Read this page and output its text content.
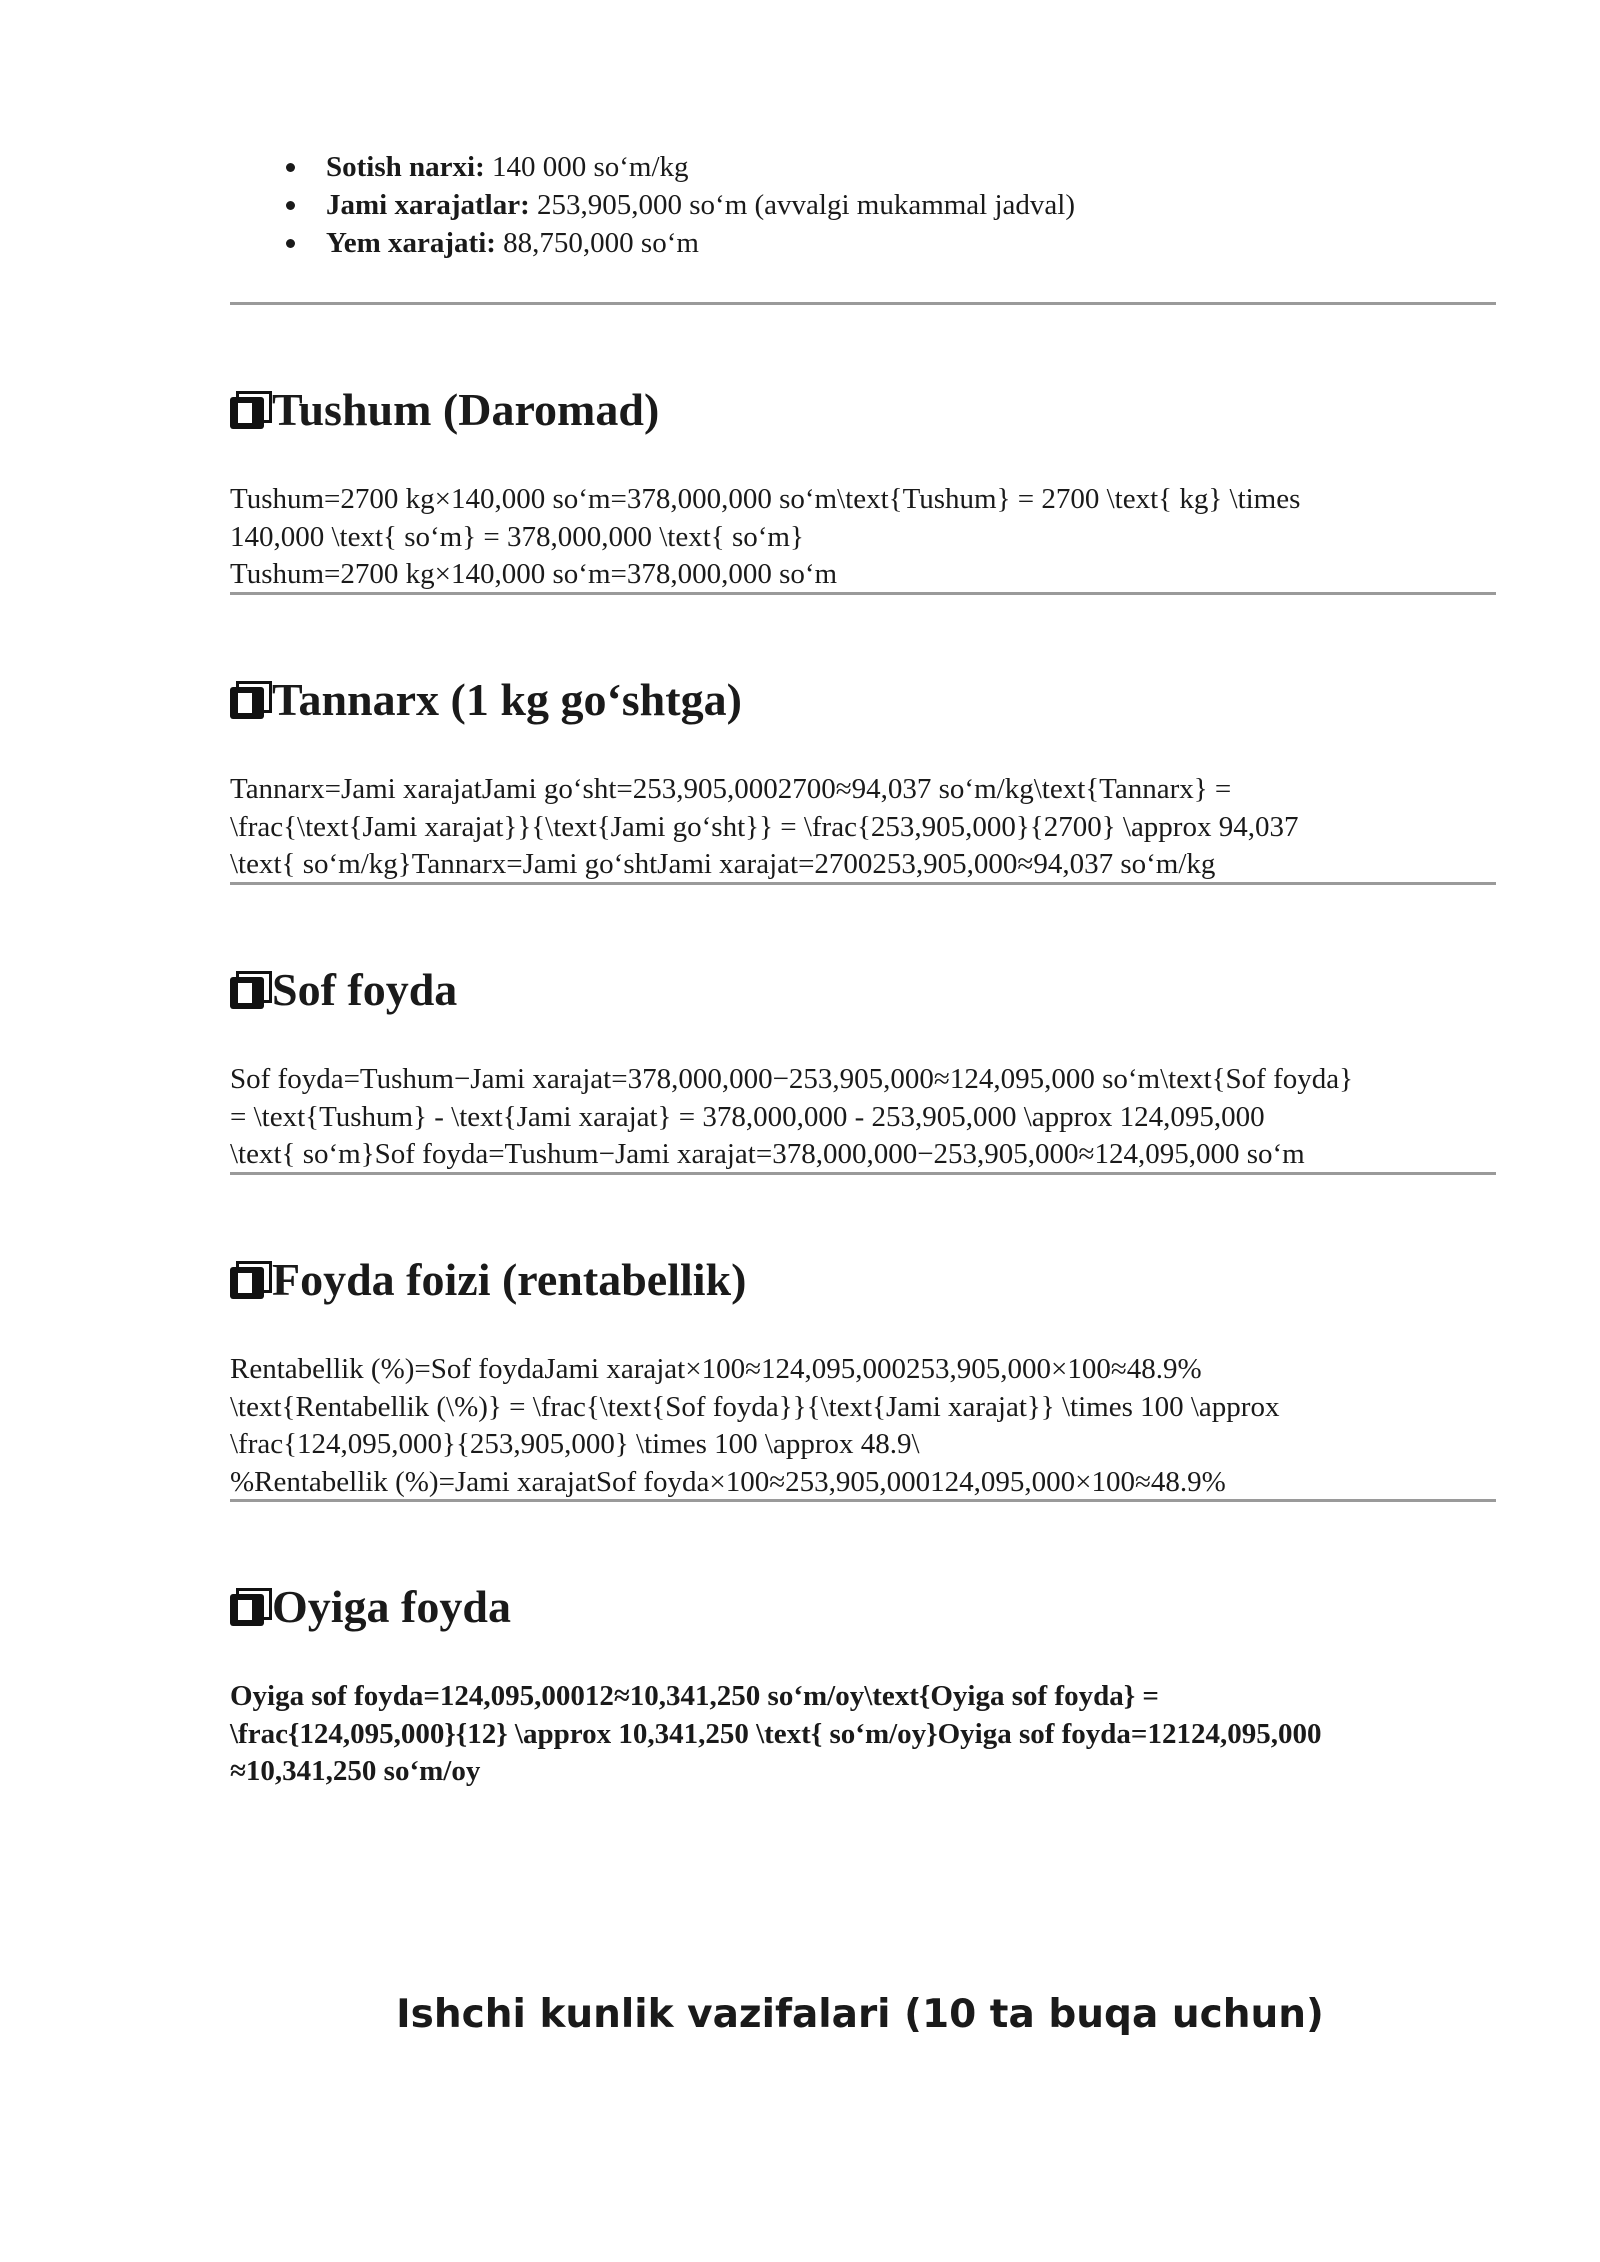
Sotish narxi: 140 000 so‘m/kg
Jami xarajatlar: 253,905,000 so‘m (avvalgi mukammal jadval)
Yem xarajati: 88,750,000 so‘m
Tushum (Daromad)
Tushum=2700 kg×140,000 so‘m=378,000,000 so‘m\text{Tushum} = 2700 \text{ kg} \times
140,000 \text{ so‘m} = 378,000,000 \text{ so‘m}
Tushum=2700 kg×140,000 so‘m=378,000,000 so‘m
Tannarx (1 kg go‘shtga)
Tannarx=Jami xarajatJami go‘sht=253,905,0002700≈94,037 so‘m/kg\text{Tannarx} =
\frac{\text{Jami xarajat}}{\text{Jami go‘sht}} = \frac{253,905,000}{2700} \approx 94,037
\text{ so‘m/kg}Tannarx=Jami go‘shtJami xarajat=2700253,905,000≈94,037 so‘m/kg
Sof foyda
Sof foyda=Tushum−Jami xarajat=378,000,000−253,905,000≈124,095,000 so‘m\text{Sof foyda}
= \text{Tushum} - \text{Jami xarajat} = 378,000,000 - 253,905,000 \approx 124,095,000
\text{ so‘m}Sof foyda=Tushum−Jami xarajat=378,000,000−253,905,000≈124,095,000 so‘m
Foyda foizi (rentabellik)
Rentabellik (%)=Sof foydaJami xarajat×100≈124,095,000253,905,000×100≈48.9%
\text{Rentabellik (\%)} = \frac{\text{Sof foyda}}{\text{Jami xarajat}} \times 100 \approx
\frac{124,095,000}{253,905,000} \times 100 \approx 48.9\
%Rentabellik (%)=Jami xarajatSof foyda×100≈253,905,000124,095,000×100≈48.9%
Oyiga foyda
Oyiga sof foyda=124,095,00012≈10,341,250 so‘m/oy\text{Oyiga sof foyda} =
\frac{124,095,000}{12} \approx 10,341,250 \text{ so‘m/oy}Oyiga sof foyda=12124,095,000
≈10,341,250 so‘m/oy
Ishchi kunlik vazifalari (10 ta buqa uchun)
